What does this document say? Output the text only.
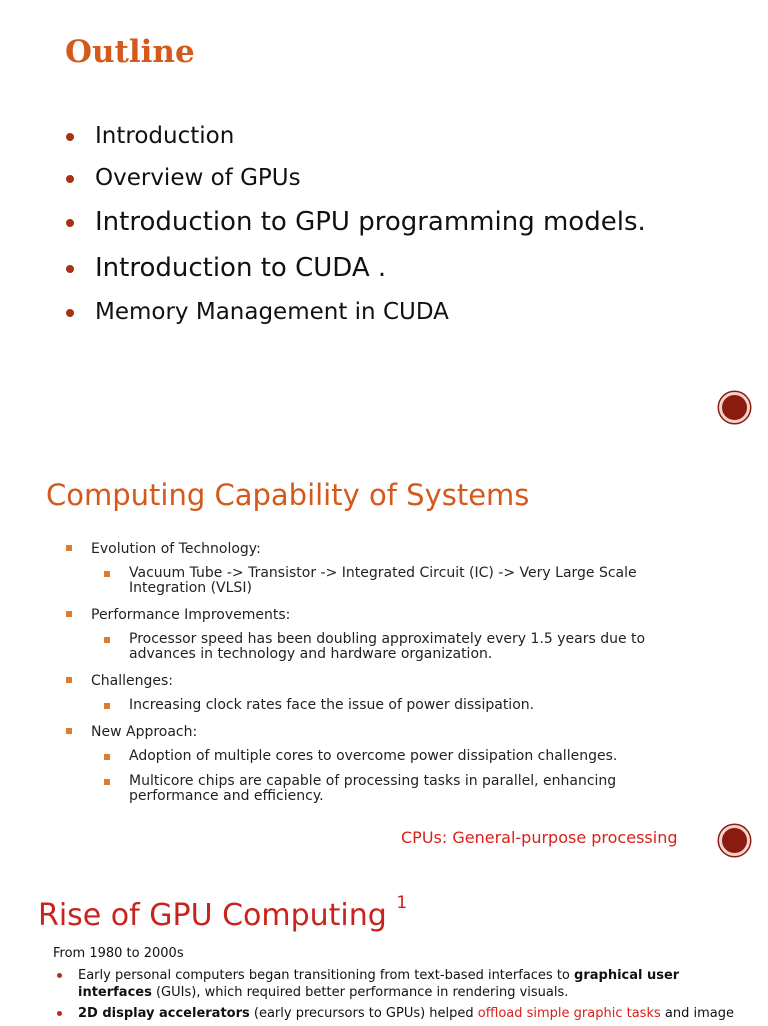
Outline
Introduction
Overview of GPUs
Introduction to GPU programming models.
Introduction to CUDA .
Memory Management in CUDA
Computing Capability of Systems
Evolution of Technology:
Vacuum Tube -> Transistor -> Integrated Circuit (IC) -> Very Large Scale Integration (VLSI)
Performance Improvements:
Processor speed has been doubling approximately every 1.5 years due to advances in technology and hardware organization.
Challenges:
Increasing clock rates face the issue of power dissipation.
New Approach:
Adoption of multiple cores to overcome power dissipation challenges.
Multicore chips are capable of processing tasks in parallel, enhancing performance and efficiency.

CPUs: General-purpose processing

Rise of GPU Computing $^1$

From 1980 to 2000s

Early personal computers began transitioning from text-based interfaces to graphical user interfaces (GUIs), which required better performance in rendering visuals.
2D display accelerators (early precursors to GPUs) helped offload simple graphic tasks and image
